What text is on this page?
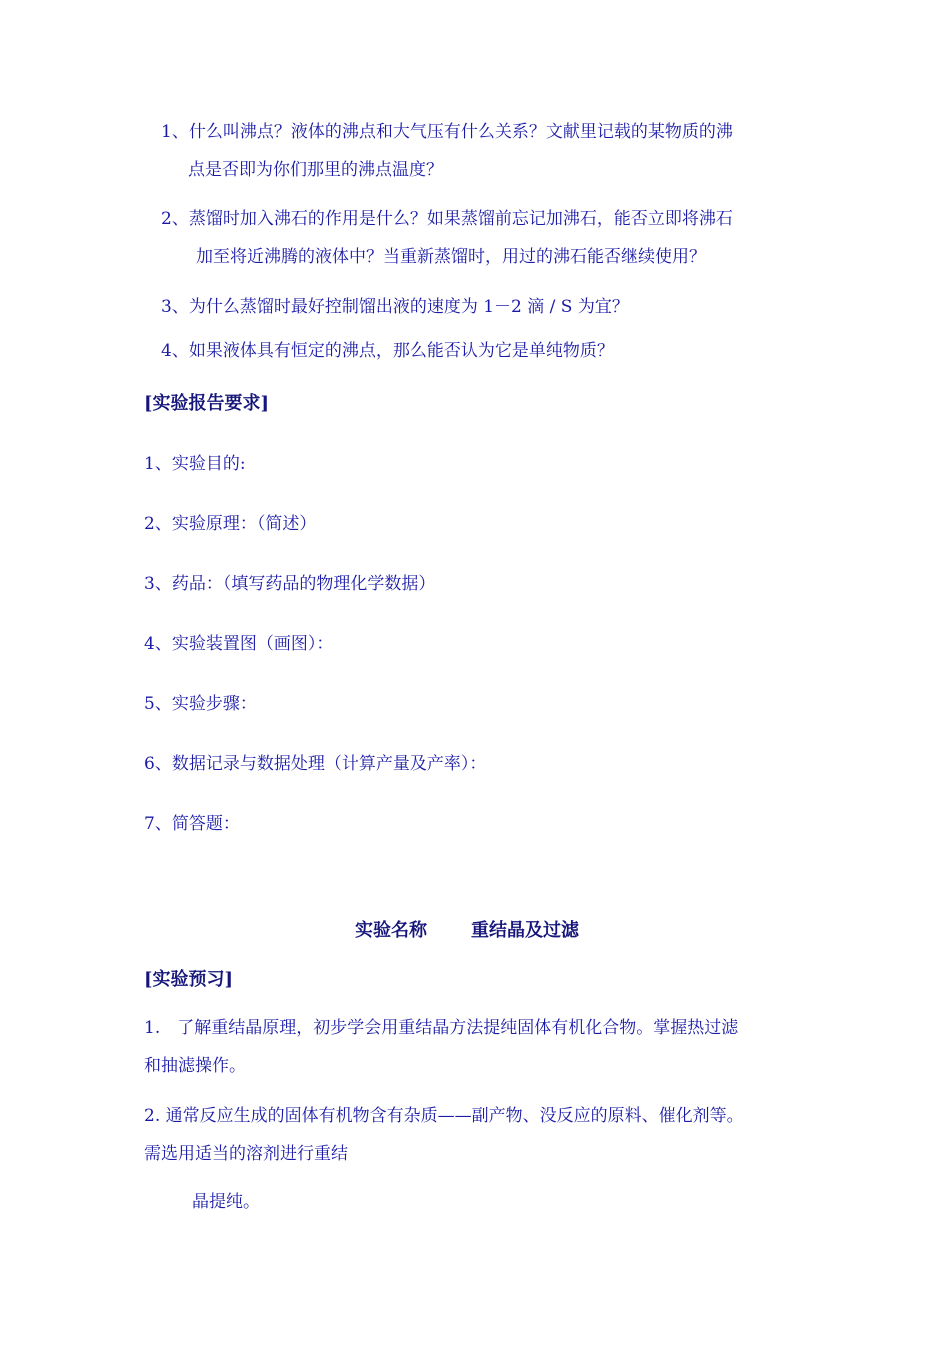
1、什么叫沸点？液体的沸点和大气压有什么关系？文献里记载的某物质的沸
点是否即为你们那里的沸点温度？
2、蒸馏时加入沸石的作用是什么？如果蒸馏前忘记加沸石，能否立即将沸石
加至将近沸腾的液体中？当重新蒸馏时，用过的沸石能否继续使用？
3、为什么蒸馏时最好控制馏出液的速度为 1－2 滴 / S 为宜？
4、如果液体具有恒定的沸点，那么能否认为它是单纯物质？
[实验报告要求]
1、实验目的:
2、实验原理：（简述）
3、药品：（填写药品的物理化学数据）
4、实验装置图（画图）：
5、实验步骤：
6、数据记录与数据处理（计算产量及产率）：
7、简答题：
实验名称 重结晶及过滤
[实验预习]
1.　了解重结晶原理，初步学会用重结晶方法提纯固体有机化合物。掌握热过滤
和抽滤操作。
2. 通常反应生成的固体有机物含有杂质——副产物、没反应的原料、催化剂等。
需选用适当的溶剂进行重结
晶提纯。
